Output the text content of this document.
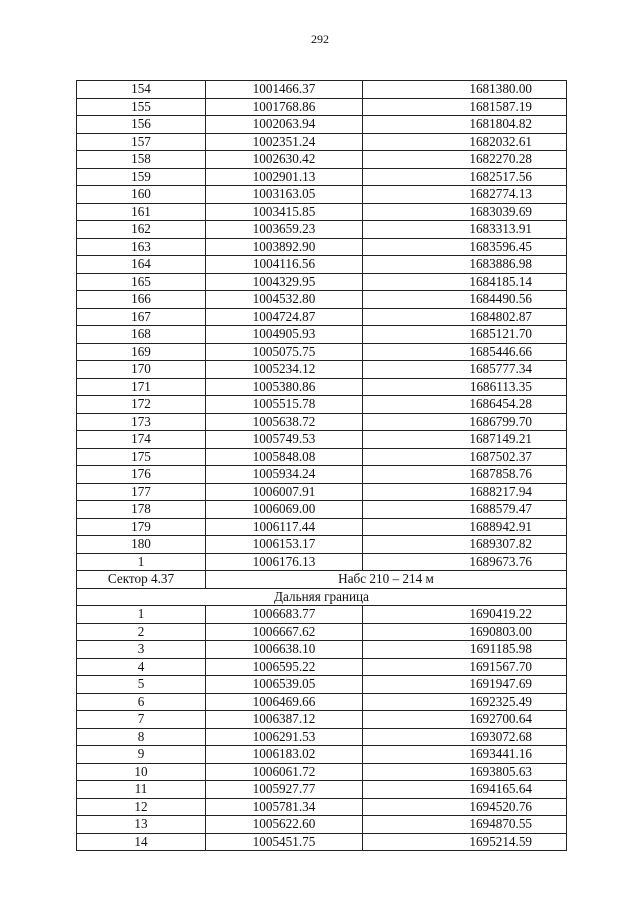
292
154	1001466.37	1681380.00
155	1001768.86	1681587.19
156	1002063.94	1681804.82
157	1002351.24	1682032.61
158	1002630.42	1682270.28
159	1002901.13	1682517.56
160	1003163.05	1682774.13
161	1003415.85	1683039.69
162	1003659.23	1683313.91
163	1003892.90	1683596.45
164	1004116.56	1683886.98
165	1004329.95	1684185.14
166	1004532.80	1684490.56
167	1004724.87	1684802.87
168	1004905.93	1685121.70
169	1005075.75	1685446.66
170	1005234.12	1685777.34
171	1005380.86	1686113.35
172	1005515.78	1686454.28
173	1005638.72	1686799.70
174	1005749.53	1687149.21
175	1005848.08	1687502.37
176	1005934.24	1687858.76
177	1006007.91	1688217.94
178	1006069.00	1688579.47
179	1006117.44	1688942.91
180	1006153.17	1689307.82
1	1006176.13	1689673.76
Сектор 4.37	Набс 210 – 214 м	
Дальняя граница		
1	1006683.77	1690419.22
2	1006667.62	1690803.00
3	1006638.10	1691185.98
4	1006595.22	1691567.70
5	1006539.05	1691947.69
6	1006469.66	1692325.49
7	1006387.12	1692700.64
8	1006291.53	1693072.68
9	1006183.02	1693441.16
10	1006061.72	1693805.63
11	1005927.77	1694165.64
12	1005781.34	1694520.76
13	1005622.60	1694870.55
14	1005451.75	1695214.59
